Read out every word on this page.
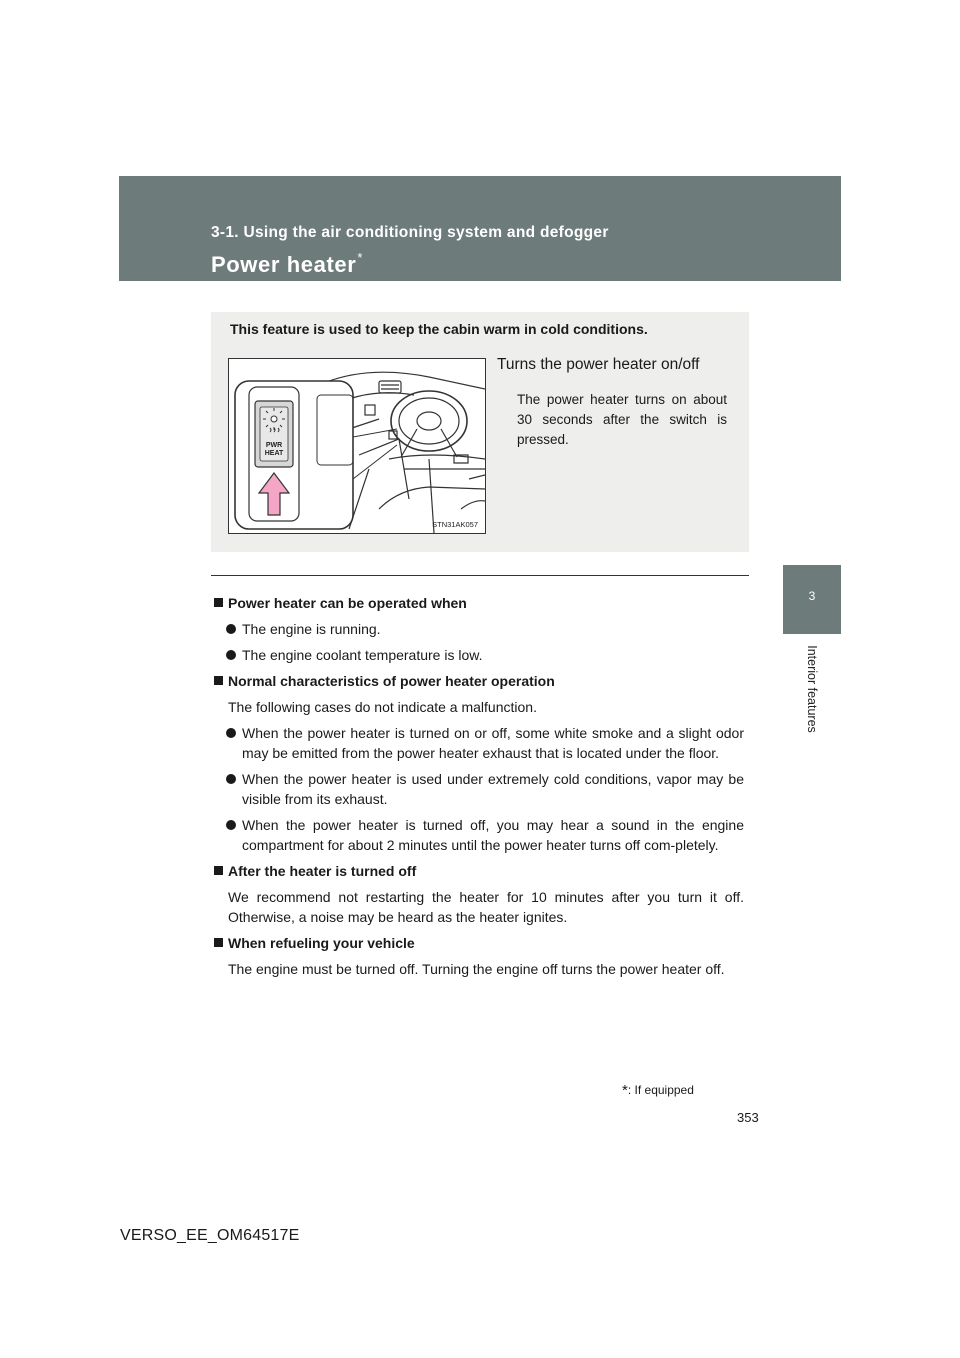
3-1. Using the air conditioning system and defogger
Power heater*
3
Interior features
This feature is used to keep the cabin warm in cold conditions.
PWR
HEAT
STN31AK057
Turns the power heater on/off
The power heater turns on about 30 seconds after the switch is pressed.
Power heater can be operated when
The engine is running.
The engine coolant temperature is low.
Normal characteristics of power heater operation
The following cases do not indicate a malfunction.
When the power heater is turned on or off, some white smoke and a slight odor may be emitted from the power heater exhaust that is located under the floor.
When the power heater is used under extremely cold conditions, vapor may be visible from its exhaust.
When the power heater is turned off, you may hear a sound in the engine compartment for about 2 minutes until the power heater turns off com-pletely.
After the heater is turned off
We recommend not restarting the heater for 10 minutes after you turn it off. Otherwise, a noise may be heard as the heater ignites.
When refueling your vehicle
The engine must be turned off. Turning the engine off turns the power heater off.
*: If equipped
353
VERSO_EE_OM64517E
